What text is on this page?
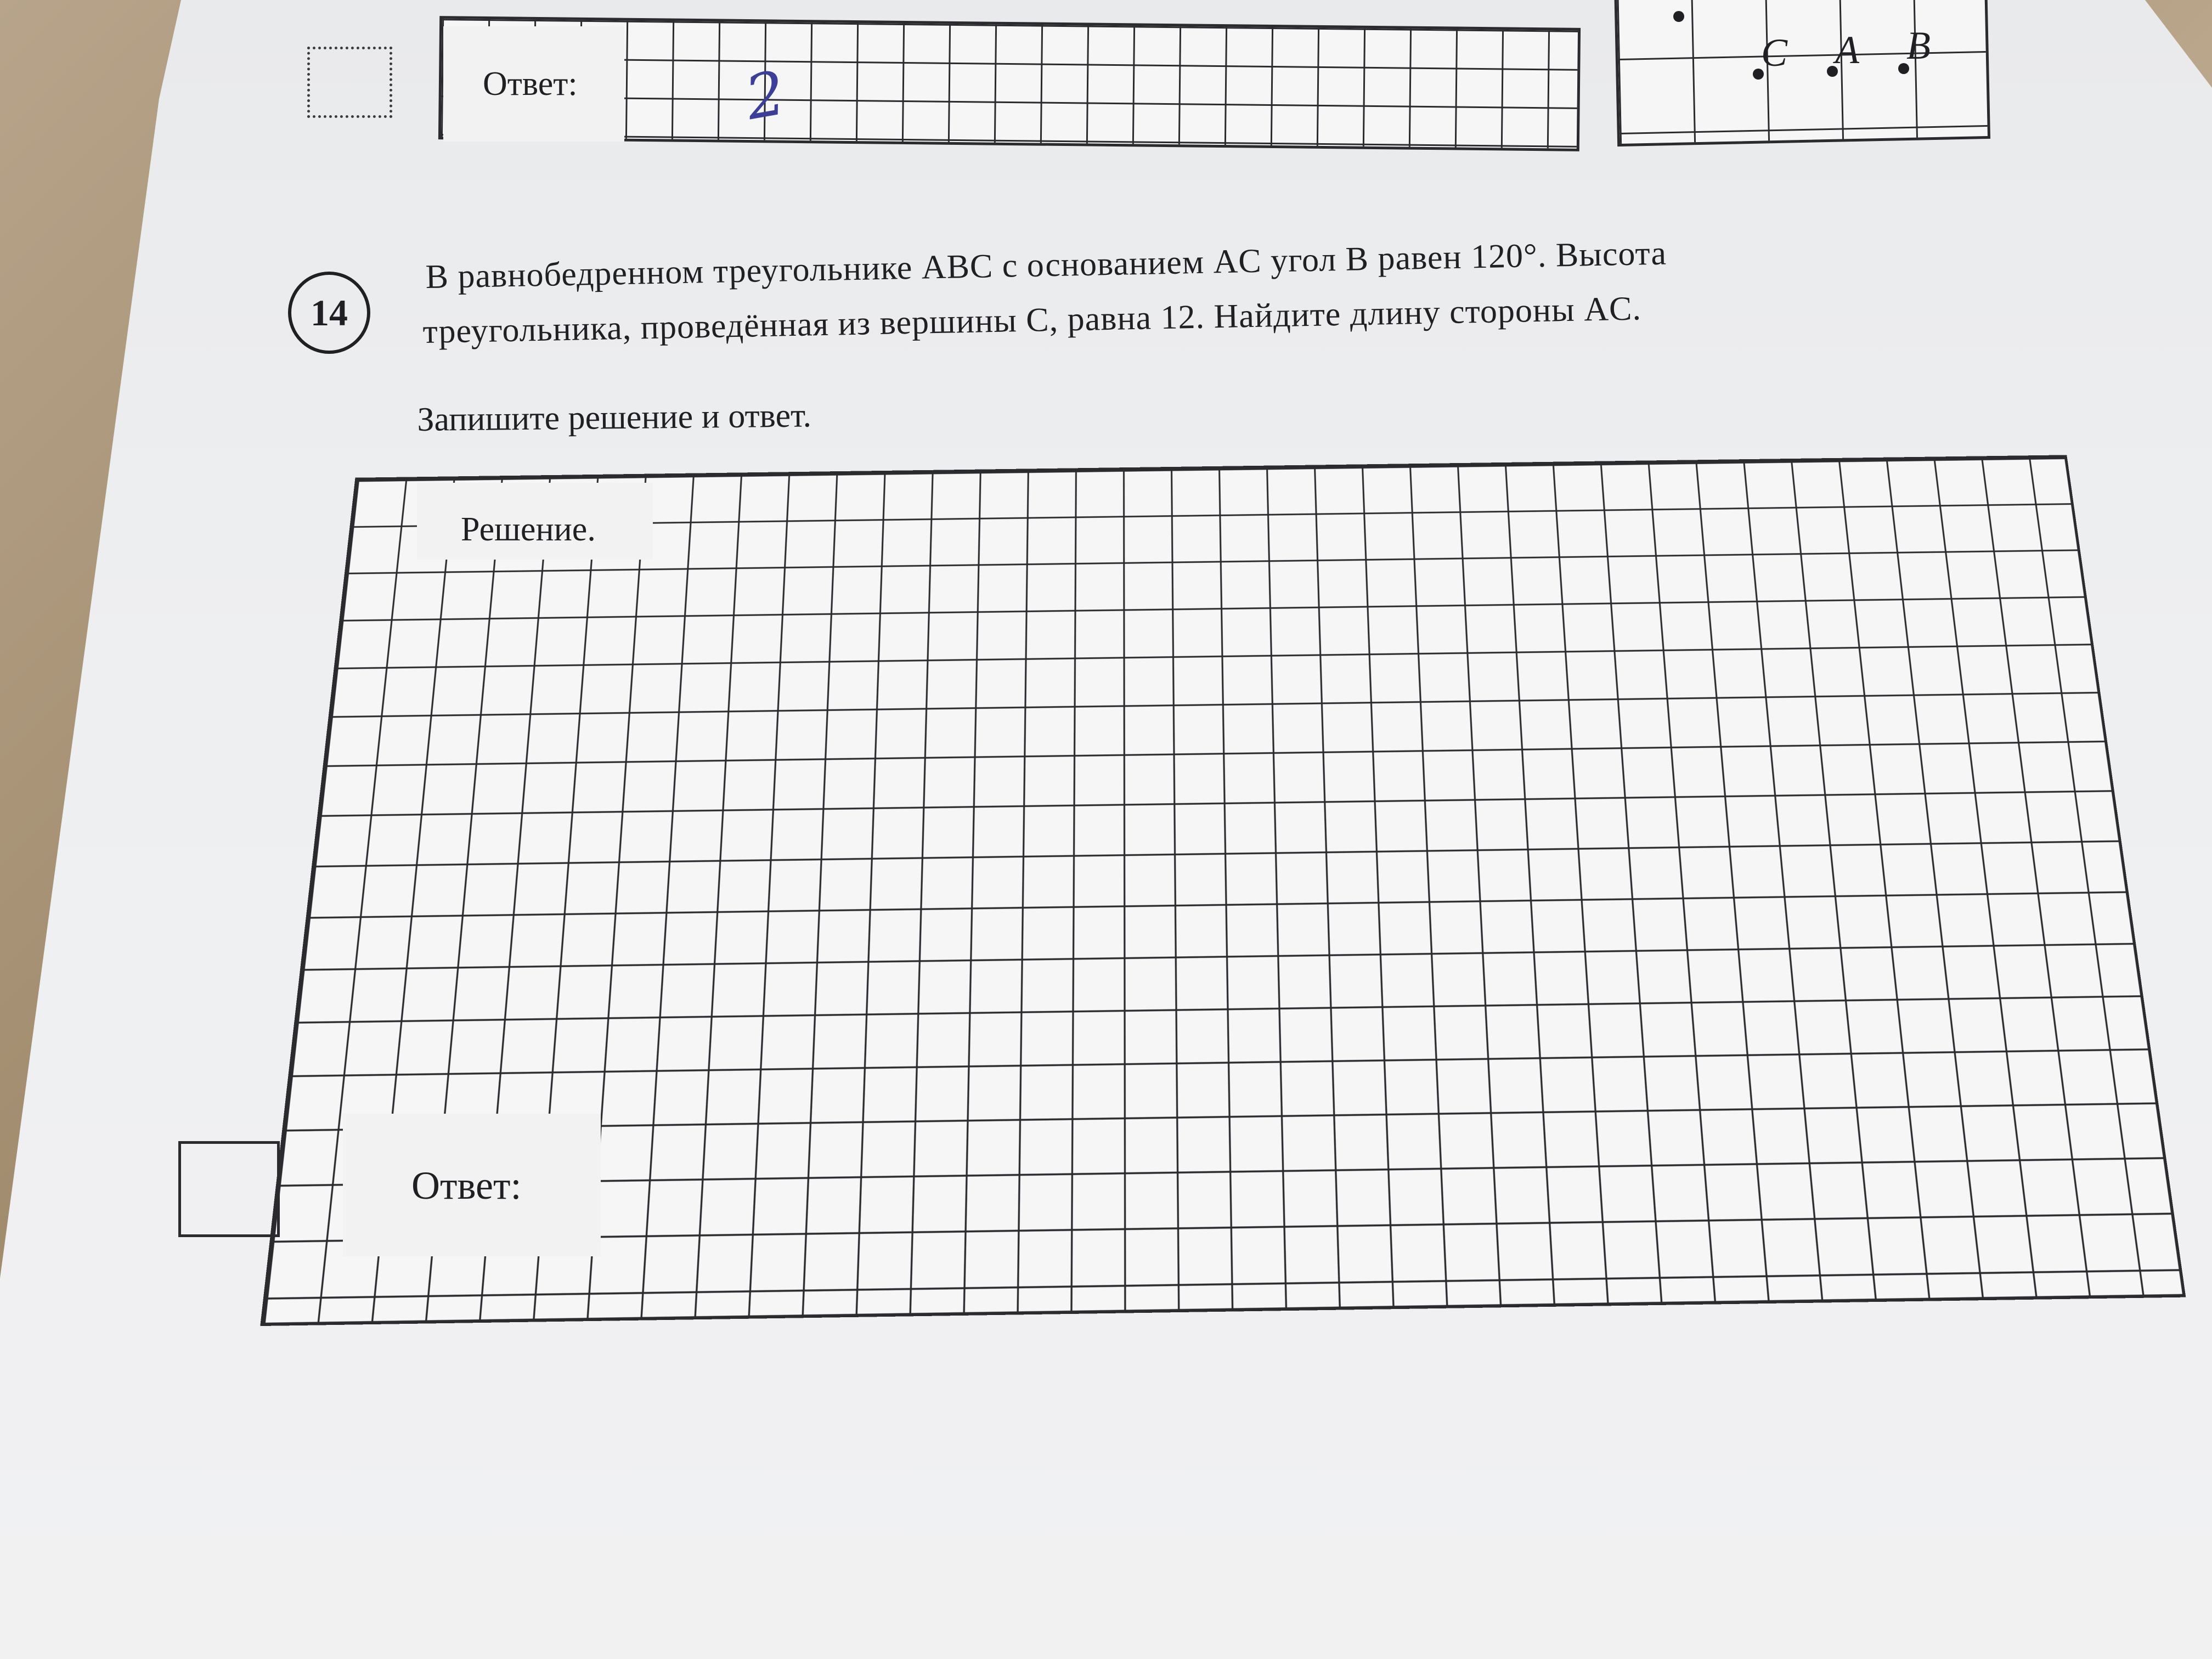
Ответ:	2
C A B
14
В равнобедренном треугольнике ABC с основанием AC угол B равен 120°. Высота
треугольника, проведённая из вершины C, равна 12. Найдите длину стороны AC.
Запишите решение и ответ.
Решение.
Ответ:
